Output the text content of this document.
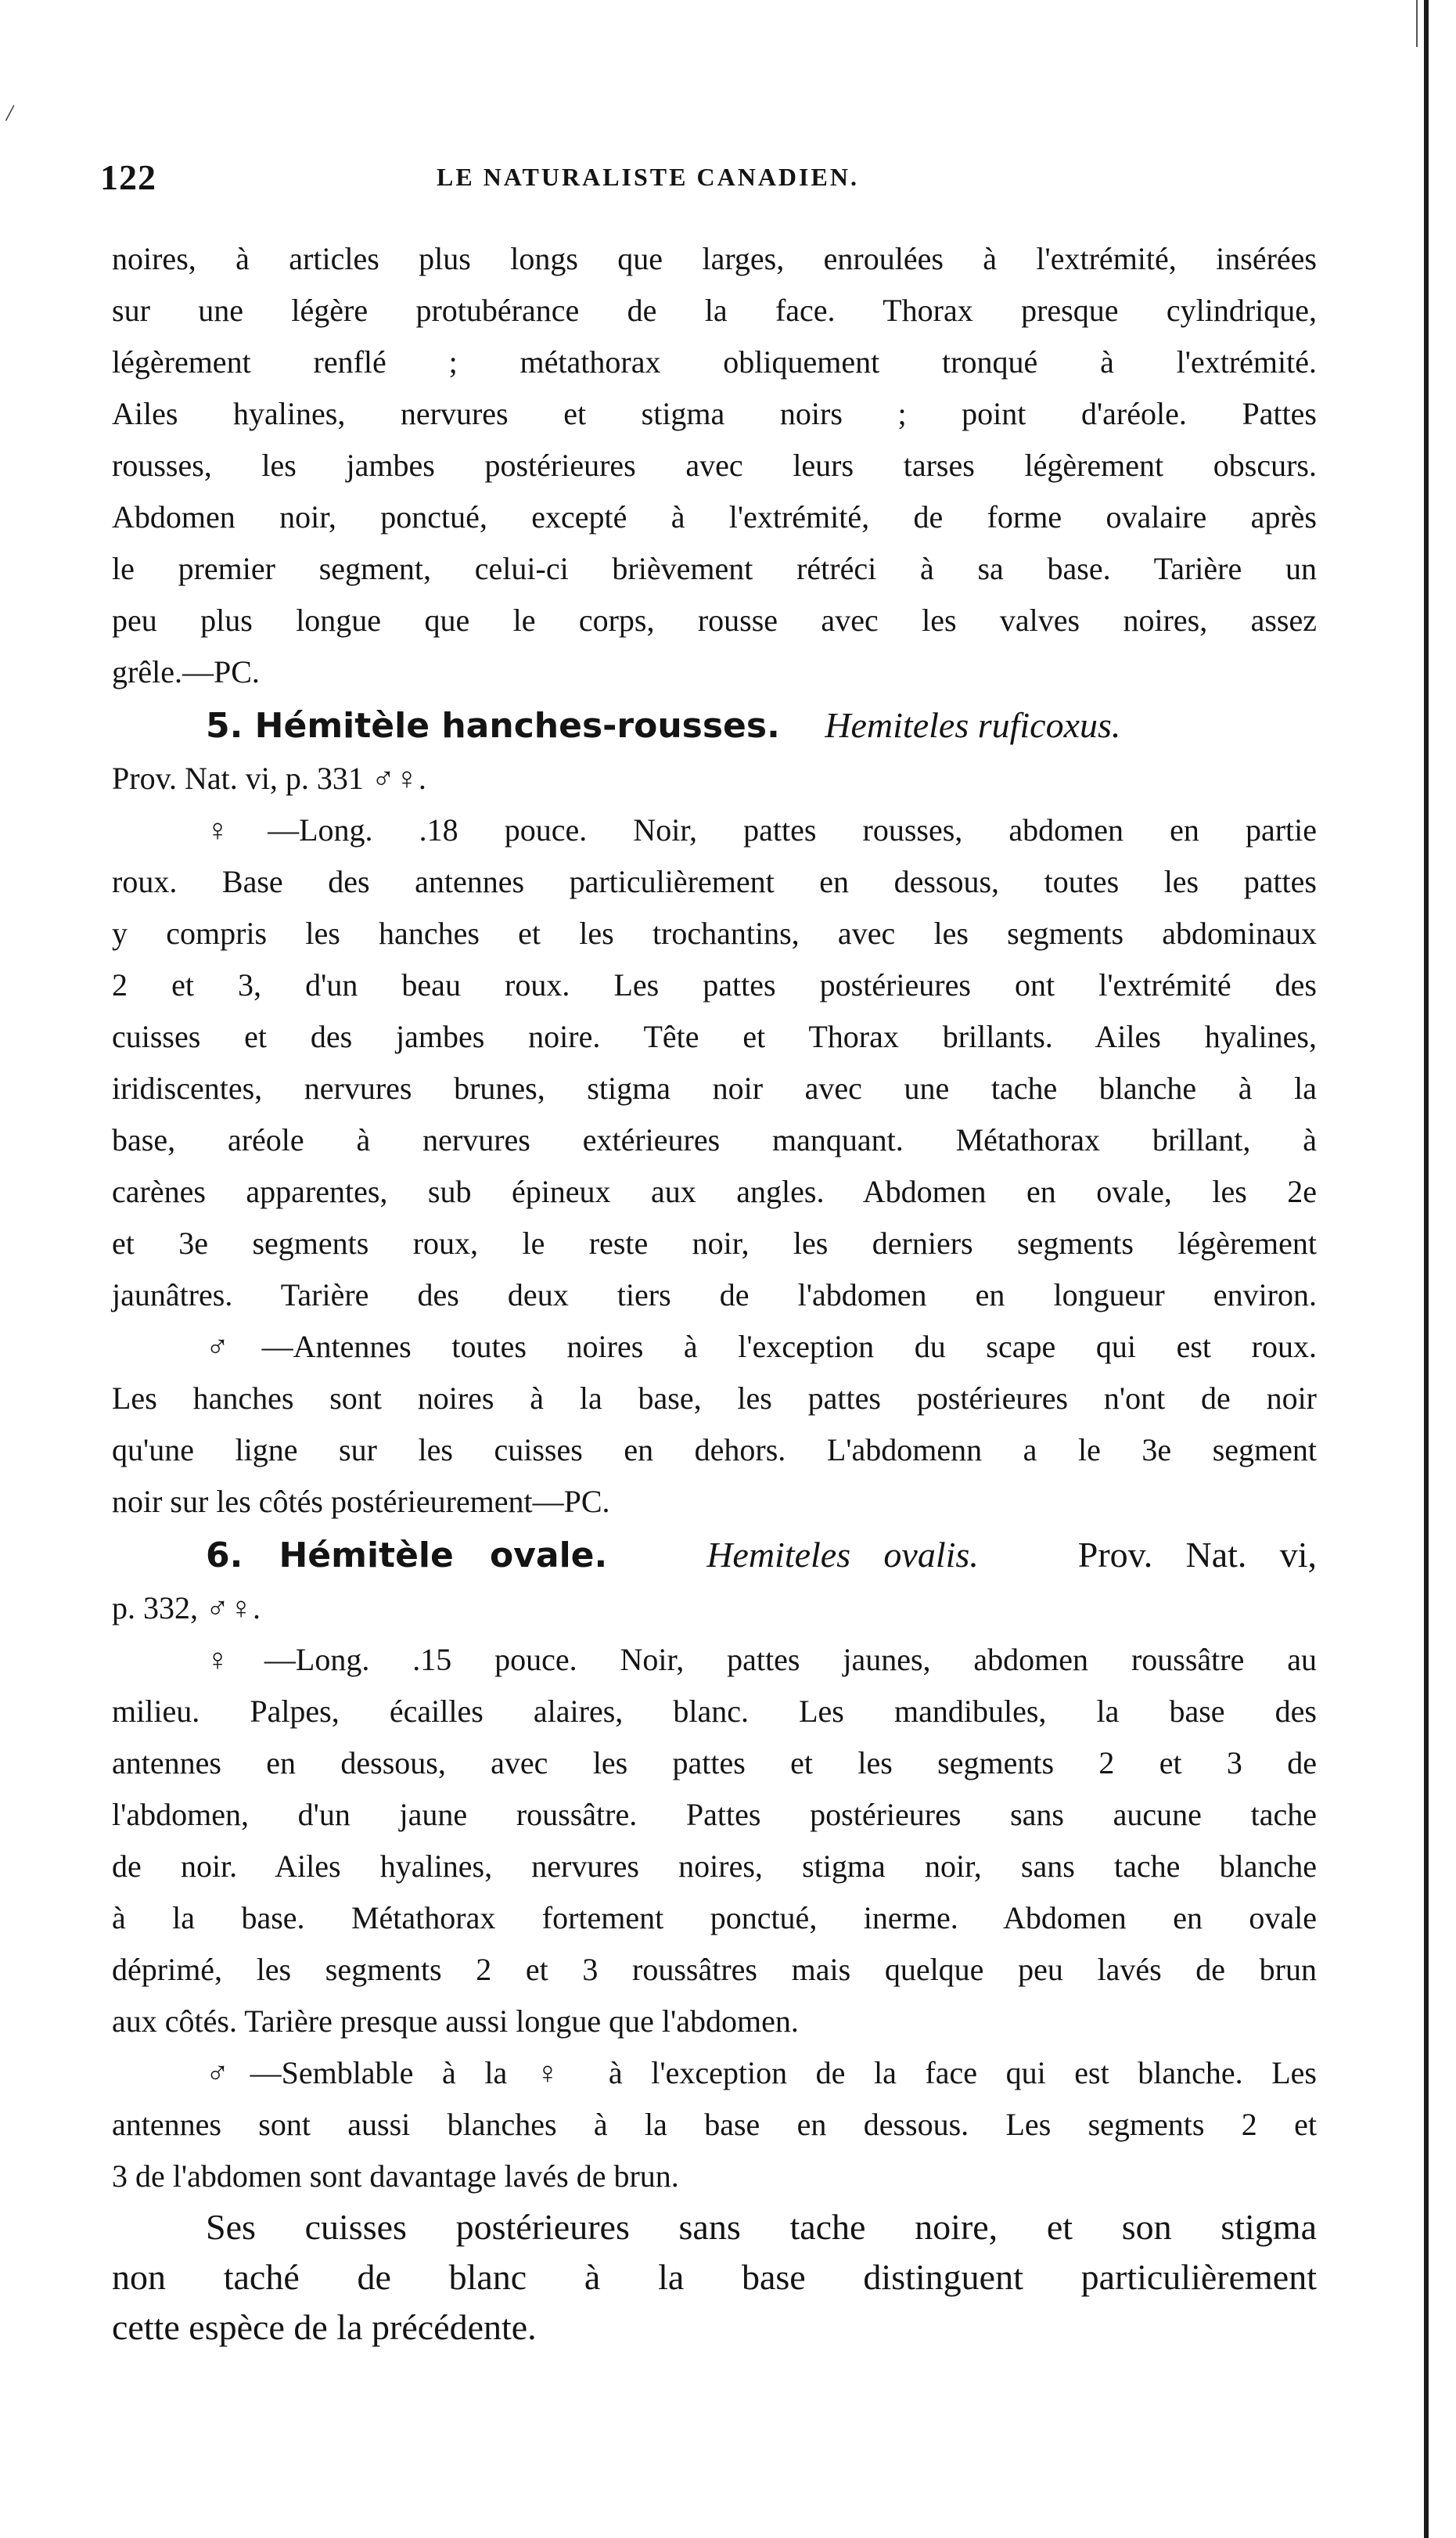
/
122	LE NATURALISTE CANADIEN.
noires, à articles plus longs que larges, enroulées à l'extrémité, insérées
sur une légère protubérance de la face. Thorax presque cylindrique,
légèrement renflé ; métathorax obliquement tronqué à l'extrémité.
Ailes hyalines, nervures et stigma noirs ; point d'aréole. Pattes
rousses, les jambes postérieures avec leurs tarses légèrement obscurs.
Abdomen noir, ponctué, excepté à l'extrémité, de forme ovalaire après
le premier segment, celui-ci brièvement rétréci à sa base. Tarière un
peu plus longue que le corps, rousse avec les valves noires, assez
grêle.—PC.
5. Hémitèle hanches-rousses. Hemiteles ruficoxus.
Prov. Nat. vi, p. 331 ♂♀.
♀—Long. .18 pouce. Noir, pattes rousses, abdomen en partie
roux. Base des antennes particulièrement en dessous, toutes les pattes
y compris les hanches et les trochantins, avec les segments abdominaux
2 et 3, d'un beau roux. Les pattes postérieures ont l'extrémité des
cuisses et des jambes noire. Tête et Thorax brillants. Ailes hyalines,
iridiscentes, nervures brunes, stigma noir avec une tache blanche à la
base, aréole à nervures extérieures manquant. Métathorax brillant, à
carènes apparentes, sub épineux aux angles. Abdomen en ovale, les 2e
et 3e segments roux, le reste noir, les derniers segments légèrement
jaunâtres. Tarière des deux tiers de l'abdomen en longueur environ.
♂—Antennes toutes noires à l'exception du scape qui est roux.
Les hanches sont noires à la base, les pattes postérieures n'ont de noir
qu'une ligne sur les cuisses en dehors. L'abdomenn a le 3e segment
noir sur les côtés postérieurement—PC.
6. Hémitèle ovale.	Hemiteles ovalis.	Prov. Nat. vi,
p. 332, ♂♀.
♀—Long. .15 pouce. Noir, pattes jaunes, abdomen roussâtre au
milieu. Palpes, écailles alaires, blanc. Les mandibules, la base des
antennes en dessous, avec les pattes et les segments 2 et 3 de
l'abdomen, d'un jaune roussâtre. Pattes postérieures sans aucune tache
de noir. Ailes hyalines, nervures noires, stigma noir, sans tache blanche
à la base. Métathorax fortement ponctué, inerme. Abdomen en ovale
déprimé, les segments 2 et 3 roussâtres mais quelque peu lavés de brun
aux côtés. Tarière presque aussi longue que l'abdomen.
♂—Semblable à la ♀ à l'exception de la face qui est blanche. Les
antennes sont aussi blanches à la base en dessous. Les segments 2 et
3 de l'abdomen sont davantage lavés de brun.
Ses cuisses postérieures sans tache noire, et son stigma
non taché de blanc à la base distinguent particulièrement
cette espèce de la précédente.
